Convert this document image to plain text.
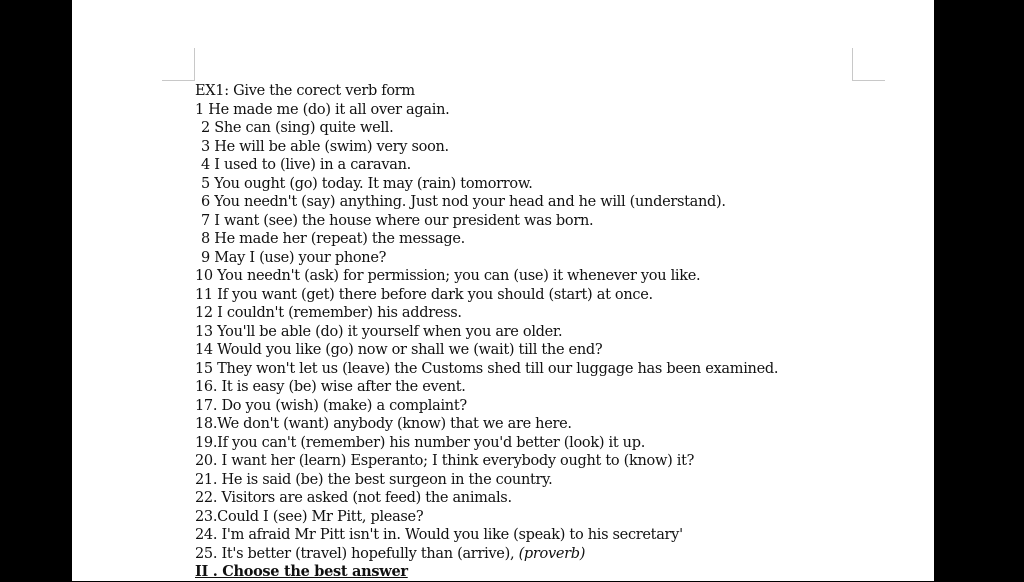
EX1: Give the corect verb form
1 He made me (do) it all over again.
2 She can (sing) quite well.
3 He will be able (swim) very soon.
4 I used to (live) in a caravan.
5 You ought (go) today. It may (rain) tomorrow.
6 You needn't (say) anything. Just nod your head and he will (understand).
7 I want (see) the house where our president was born.
8 He made her (repeat) the message.
9 May I (use) your phone?
10 You needn't (ask) for permission; you can (use) it whenever you like.
11 If you want (get) there before dark you should (start) at once.
12 I couldn't (remember) his address.
13 You'll be able (do) it yourself when you are older.
14 Would you like (go) now or shall we (wait) till the end?
15 They won't let us (leave) the Customs shed till our luggage has been examined.
16. It is easy (be) wise after the event.
17. Do you (wish) (make) a complaint?
18.We don't (want) anybody (know) that we are here.
19.If you can't (remember) his number you'd better (look) it up.
20. I want her (learn) Esperanto; I think everybody ought to (know) it?
21. He is said (be) the best surgeon in the country.
22. Visitors are asked (not feed) the animals.
23.Could I (see) Mr Pitt, please?
24. I'm afraid Mr Pitt isn't in. Would you like (speak) to his secretary'
25. It's better (travel) hopefully than (arrive), (proverb)
II . Choose the best answer
